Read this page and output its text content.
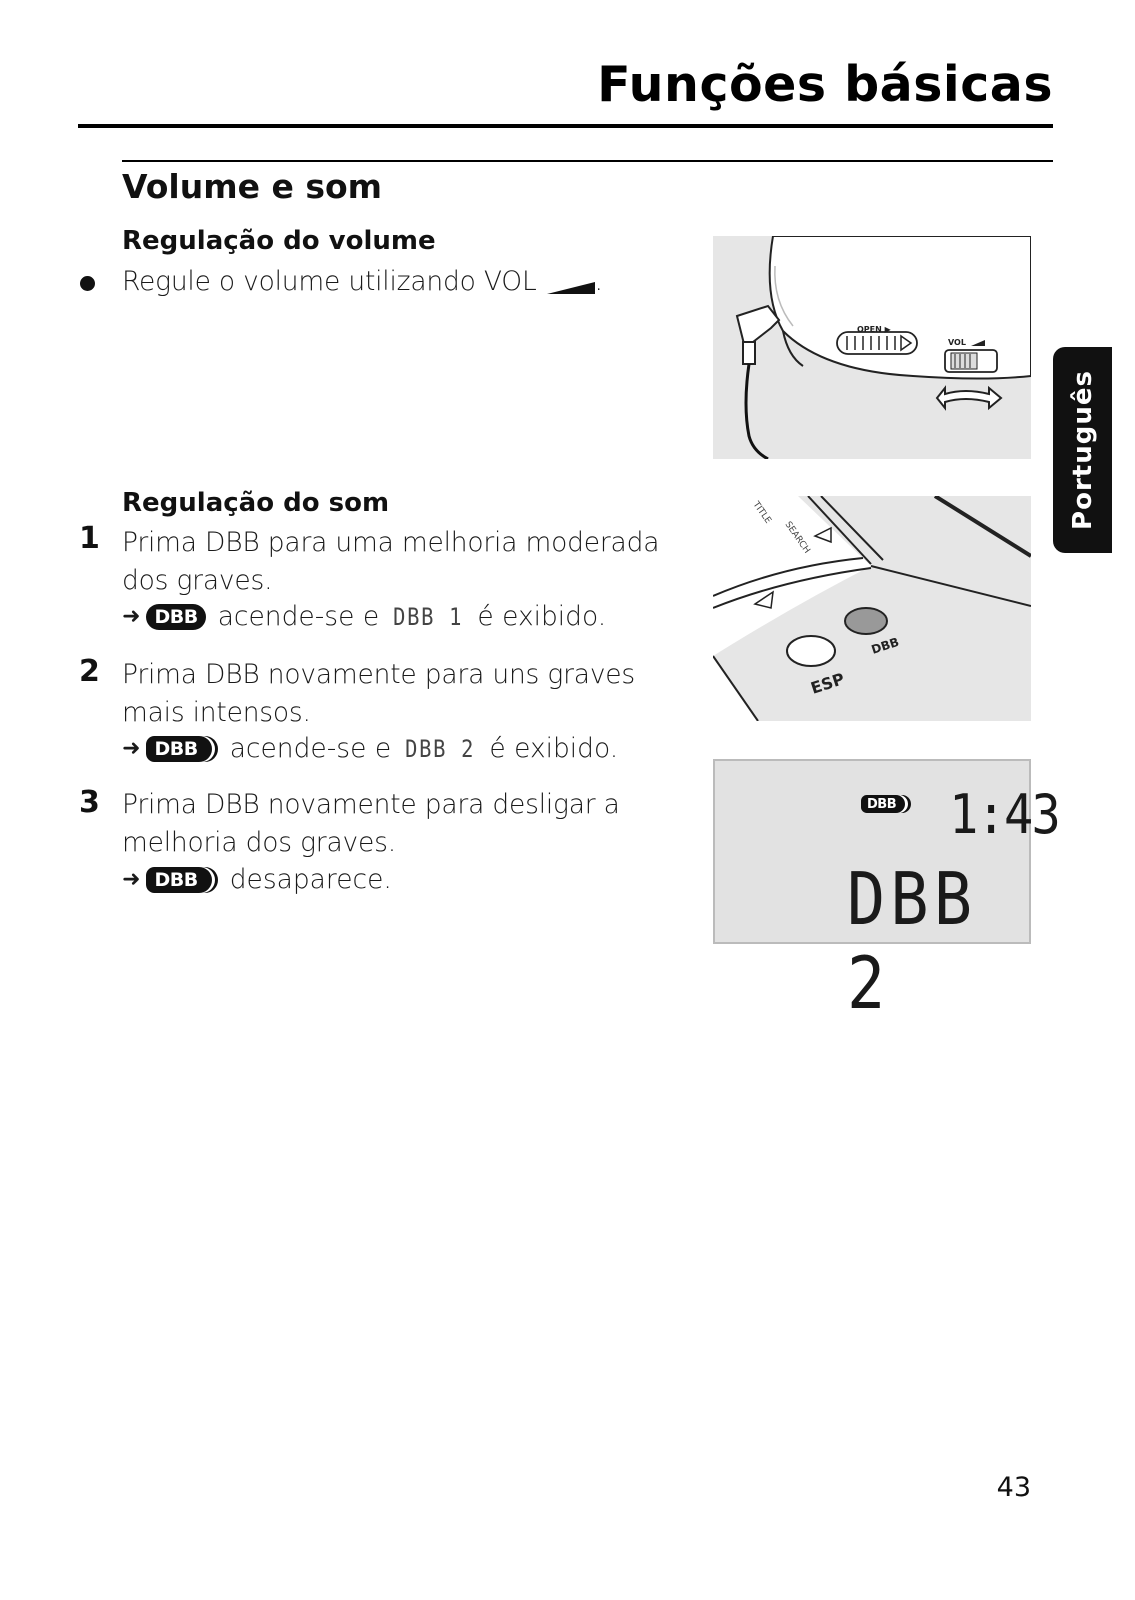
Funções básicas
Volume e som
Regulação do volume
Regule o volume utilizando VOL .
Regulação do som
1 Prima DBB para uma melhoria moderada dos graves.
➜ DBB acende-se e DBB 1 é exibido.
2 Prima DBB novamente para uns graves mais intensos.
➜ DBB	acende-se e DBB 2 é exibido.
3 Prima DBB novamente para desligar a melhoria dos graves.
➜ DBB	desaparece.
OPEN ▶
VOL
TITLE
SEARCH
DBB
ESP
DBB 1:43
DBB 2
Português

43
